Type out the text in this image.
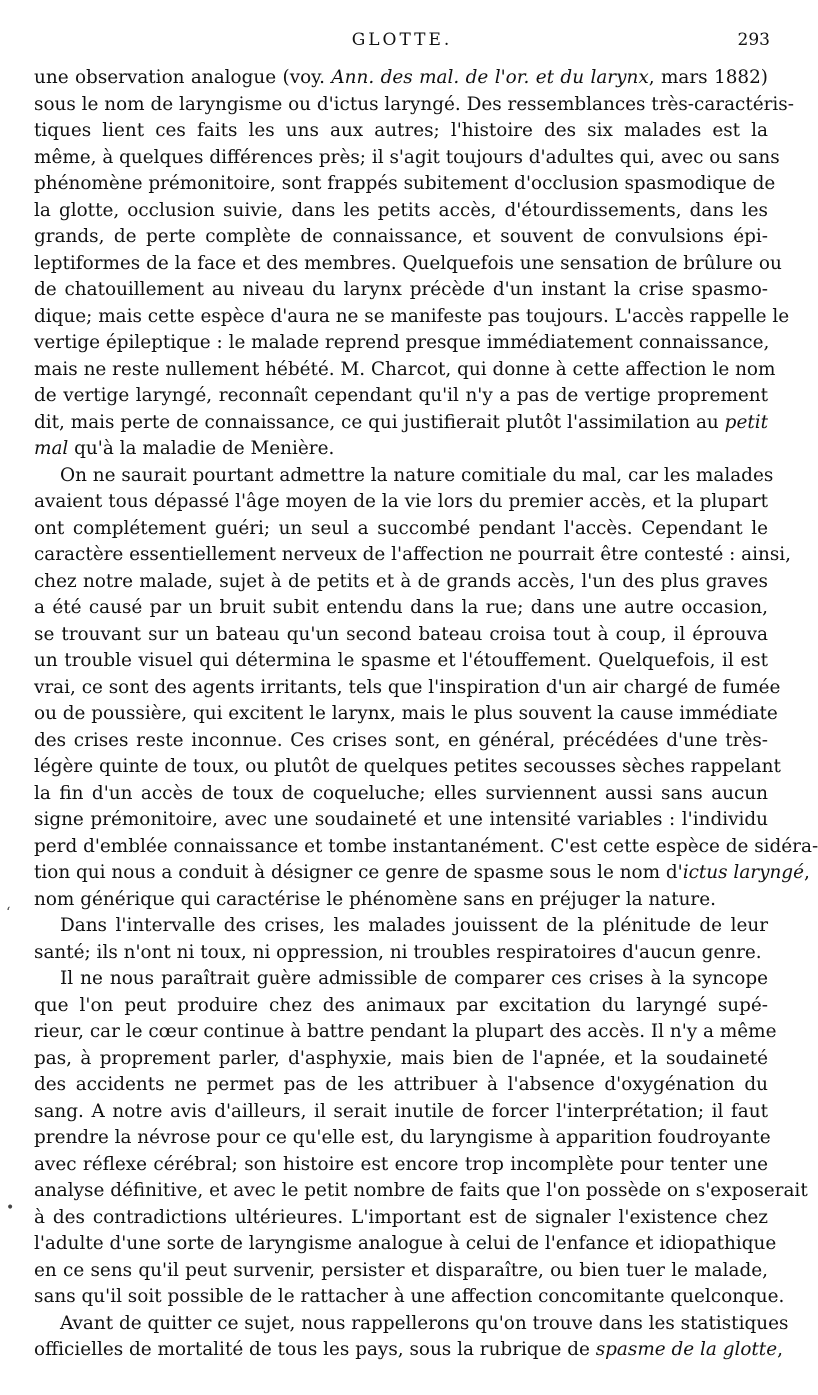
GLOTTE.	293
ʻ
•
une observation analogue (voy. Ann. des mal. de l'or. et du larynx, mars 1882)
sous le nom de laryngisme ou d'ictus laryngé. Des ressemblances très-caractéris-
tiques lient ces faits les uns aux autres; l'histoire des six malades est la
même, à quelques différences près; il s'agit toujours d'adultes qui, avec ou sans
phénomène prémonitoire, sont frappés subitement d'occlusion spasmodique de
la glotte, occlusion suivie, dans les petits accès, d'étourdissements, dans les
grands, de perte complète de connaissance, et souvent de convulsions épi-
leptiformes de la face et des membres. Quelquefois une sensation de brûlure ou
de chatouillement au niveau du larynx précède d'un instant la crise spasmo-
dique; mais cette espèce d'aura ne se manifeste pas toujours. L'accès rappelle le
vertige épileptique : le malade reprend presque immédiatement connaissance,
mais ne reste nullement hébété. M. Charcot, qui donne à cette affection le nom
de vertige laryngé, reconnaît cependant qu'il n'y a pas de vertige proprement
dit, mais perte de connaissance, ce qui justifierait plutôt l'assimilation au petit
mal qu'à la maladie de Menière.
On ne saurait pourtant admettre la nature comitiale du mal, car les malades
avaient tous dépassé l'âge moyen de la vie lors du premier accès, et la plupart
ont complétement guéri; un seul a succombé pendant l'accès. Cependant le
caractère essentiellement nerveux de l'affection ne pourrait être contesté : ainsi,
chez notre malade, sujet à de petits et à de grands accès, l'un des plus graves
a été causé par un bruit subit entendu dans la rue; dans une autre occasion,
se trouvant sur un bateau qu'un second bateau croisa tout à coup, il éprouva
un trouble visuel qui détermina le spasme et l'étouffement. Quelquefois, il est
vrai, ce sont des agents irritants, tels que l'inspiration d'un air chargé de fumée
ou de poussière, qui excitent le larynx, mais le plus souvent la cause immédiate
des crises reste inconnue. Ces crises sont, en général, précédées d'une très-
légère quinte de toux, ou plutôt de quelques petites secousses sèches rappelant
la fin d'un accès de toux de coqueluche; elles surviennent aussi sans aucun
signe prémonitoire, avec une soudaineté et une intensité variables : l'individu
perd d'emblée connaissance et tombe instantanément. C'est cette espèce de sidéra-
tion qui nous a conduit à désigner ce genre de spasme sous le nom d'ictus laryngé,
nom générique qui caractérise le phénomène sans en préjuger la nature.
Dans l'intervalle des crises, les malades jouissent de la plénitude de leur
santé; ils n'ont ni toux, ni oppression, ni troubles respiratoires d'aucun genre.
Il ne nous paraîtrait guère admissible de comparer ces crises à la syncope
que l'on peut produire chez des animaux par excitation du laryngé supé-
rieur, car le cœur continue à battre pendant la plupart des accès. Il n'y a même
pas, à proprement parler, d'asphyxie, mais bien de l'apnée, et la soudaineté
des accidents ne permet pas de les attribuer à l'absence d'oxygénation du
sang. A notre avis d'ailleurs, il serait inutile de forcer l'interprétation; il faut
prendre la névrose pour ce qu'elle est, du laryngisme à apparition foudroyante
avec réflexe cérébral; son histoire est encore trop incomplète pour tenter une
analyse définitive, et avec le petit nombre de faits que l'on possède on s'exposerait
à des contradictions ultérieures. L'important est de signaler l'existence chez
l'adulte d'une sorte de laryngisme analogue à celui de l'enfance et idiopathique
en ce sens qu'il peut survenir, persister et disparaître, ou bien tuer le malade,
sans qu'il soit possible de le rattacher à une affection concomitante quelconque.
Avant de quitter ce sujet, nous rappellerons qu'on trouve dans les statistiques
officielles de mortalité de tous les pays, sous la rubrique de spasme de la glotte,
